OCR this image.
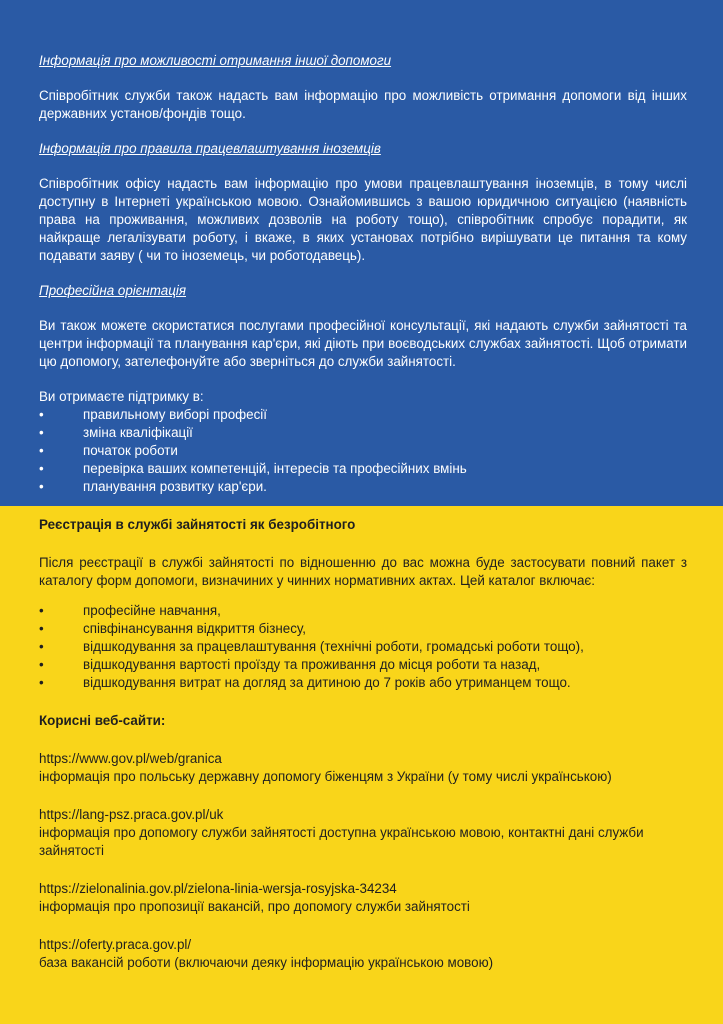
Інформація про можливості отримання іншої допомоги

Співробітник служби також надасть вам інформацію про можливість отримання допомоги від інших державних установ/фондів тощо.

Інформація про правила працевлаштування іноземців

Співробітник офісу надасть вам інформацію про умови працевлаштування іноземців, в тому числі доступну в Інтернеті українською мовою. Ознайомившись з вашою юридичною ситуацією (наявність права на проживання, можливих дозволів на роботу тощо), співробітник спробує порадити, як найкраще легалізувати роботу, і вкаже, в яких установах потрібно вирішувати це питання та кому подавати заяву ( чи то іноземець, чи роботодавець).

Професійна орієнтація

Ви також можете скористатися послугами професійної консультації, які надають служби зайнятості та центри інформації та планування кар'єри, які діють при воєводських службах зайнятості. Щоб отримати цю допомогу, зателефонуйте або зверніться до служби зайнятості.

Ви отримаєте підтримку в:

•	правильному виборі професії
•	зміна кваліфікації
•	початок роботи
•	перевірка ваших компетенцій, інтересів та професійних вмінь
•	планування розвитку кар'єри.

Реєстрація в службі зайнятості як безробітного

Після реєстрації в службі зайнятості по відношенню до вас можна буде застосувати повний пакет з каталогу форм допомоги, визначиних у чинних нормативних актах. Цей каталог включає:

•	професійне навчання,
•	співфінансування відкриття бізнесу,
•	відшкодування за працевлаштування (технічні роботи, громадські роботи тощо),
•	відшкодування вартості проїзду та проживання до місця роботи та назад,
•	відшкодування витрат на догляд за дитиною до 7 років або утриманцем тощо.

Корисні веб-сайти:

https://www.gov.pl/web/granica
інформація про польську державну допомогу біженцям з України (у тому числі українською)
https://lang-psz.praca.gov.pl/uk
інформація про допомогу служби зайнятості доступна українською мовою, контактні дані служби зайнятості
https://zielonalinia.gov.pl/zielona-linia-wersja-rosyjska-34234
інформація про пропозиції вакансій, про допомогу служби зайнятості
https://oferty.praca.gov.pl/
база вакансій роботи (включаючи деяку інформацію українською мовою)
